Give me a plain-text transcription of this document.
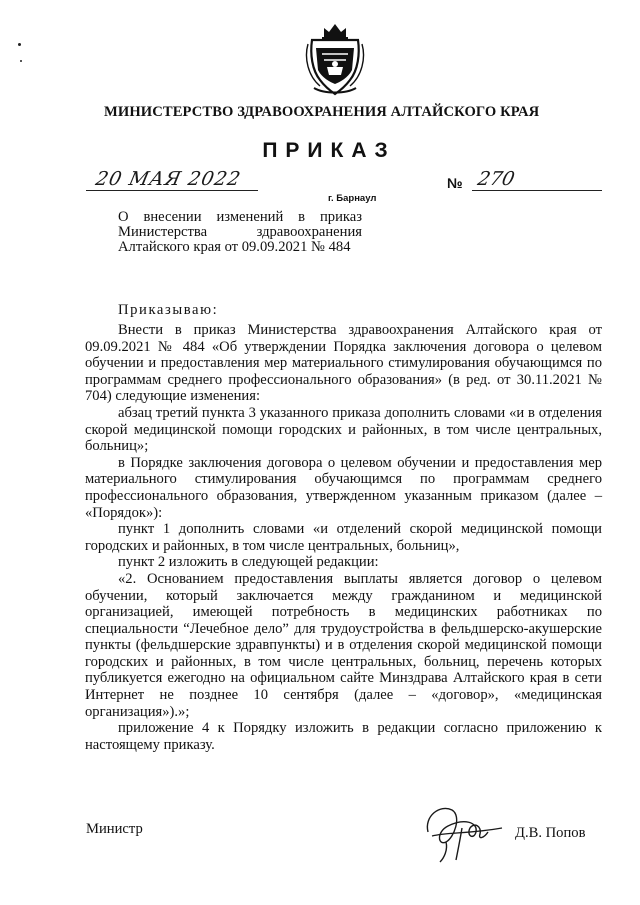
МИНИСТЕРСТВО ЗДРАВООХРАНЕНИЯ АЛТАЙСКОГО КРАЯ
ПРИКАЗ
20 МАЯ 2022
г. Барнаул
№ 270
О внесении изменений в приказ
Министерства здравоохранения
Алтайского края от 09.09.2021 № 484
Приказываю:

Внести в приказ Министерства здравоохранения Алтайского края от 09.09.2021 № 484 «Об утверждении Порядка заключения договора о целевом обучении и предоставления мер материального стимулирования обучающимся по программам среднего профессионального образования» (в ред. от 30.11.2021 № 704) следующие изменения:

абзац третий пункта 3 указанного приказа дополнить словами «и в отделения скорой медицинской помощи городских и районных, в том числе центральных, больниц»;

в Порядке заключения договора о целевом обучении и предоставления мер материального стимулирования обучающимся по программам среднего профессионального образования, утвержденном указанным приказом (далее – «Порядок»):

пункт 1 дополнить словами «и отделений скорой медицинской помощи городских и районных, в том числе центральных, больниц»,

пункт 2 изложить в следующей редакции:

«2. Основанием предоставления выплаты является договор о целевом обучении, который заключается между гражданином и медицинской организацией, имеющей потребность в медицинских работниках по специальности “Лечебное дело” для трудоустройства в фельдшерско-акушерские пункты (фельдшерские здравпункты) и в отделения скорой медицинской помощи городских и районных, в том числе центральных, больниц, перечень которых публикуется ежегодно на официальном сайте Минздрава Алтайского края в сети Интернет не позднее 10 сентября (далее – «договор», «медицинская организация»).»;

приложение 4 к Порядку изложить в редакции согласно приложению к настоящему приказу.

Министр	Д.В. Попов
